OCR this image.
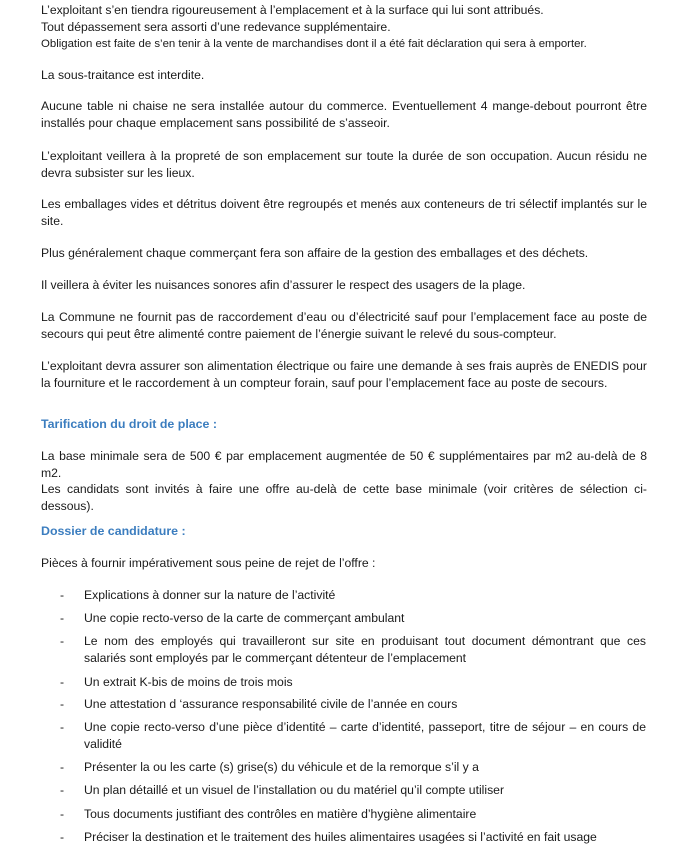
L’exploitant s’en tiendra rigoureusement à l’emplacement et à la surface qui lui sont attribués.

Tout dépassement sera assorti d’une redevance supplémentaire.

Obligation est faite de s’en tenir à la vente de marchandises dont il a été fait déclaration qui sera à emporter.

La sous-traitance est interdite.

Aucune table ni chaise ne sera installée autour du commerce. Eventuellement 4 mange-debout pourront être installés pour chaque emplacement sans possibilité de s’asseoir.

L’exploitant veillera à la propreté de son emplacement sur toute la durée de son occupation. Aucun résidu ne devra subsister sur les lieux.

Les emballages vides et détritus doivent être regroupés et menés aux conteneurs de tri sélectif implantés sur le site.

Plus généralement chaque commerçant fera son affaire de la gestion des emballages et des déchets.

Il veillera à éviter les nuisances sonores afin d’assurer le respect des usagers de la plage.

La Commune ne fournit pas de raccordement d’eau ou d’électricité sauf pour l’emplacement face au poste de secours qui peut être alimenté contre paiement de l’énergie suivant le relevé du sous-compteur.

L’exploitant devra assurer son alimentation électrique ou faire une demande à ses frais auprès de ENEDIS pour la fourniture et le raccordement à un compteur forain, sauf pour l’emplacement face au poste de secours.

Tarification du droit de place :

La base minimale sera de 500 € par emplacement augmentée de 50 € supplémentaires par m2 au-delà de 8 m2.

Les candidats sont invités à faire une offre au-delà de cette base minimale (voir critères de sélection ci-dessous).

Dossier de candidature :

Pièces à fournir impérativement sous peine de rejet de l’offre :

-	Explications à donner sur la nature de l’activité

-	Une copie recto-verso de la carte de commerçant ambulant

-	Le nom des employés qui travailleront sur site en produisant tout document démontrant que ces salariés sont employés par le commerçant détenteur de l’emplacement

-	Un extrait K-bis de moins de trois mois

-	Une attestation d ‘assurance responsabilité civile de l’année en cours

-	Une copie recto-verso d’une pièce d’identité – carte d’identité, passeport, titre de séjour – en cours de validité

-	Présenter la ou les carte (s) grise(s) du véhicule et de la remorque s’il y a

-	Un plan détaillé et un visuel de l’installation ou du matériel qu’il compte utiliser

-	Tous documents justifiant des contrôles en matière d’hygiène alimentaire

-	Préciser la destination et le traitement des huiles alimentaires usagées si l’activité en fait usage
